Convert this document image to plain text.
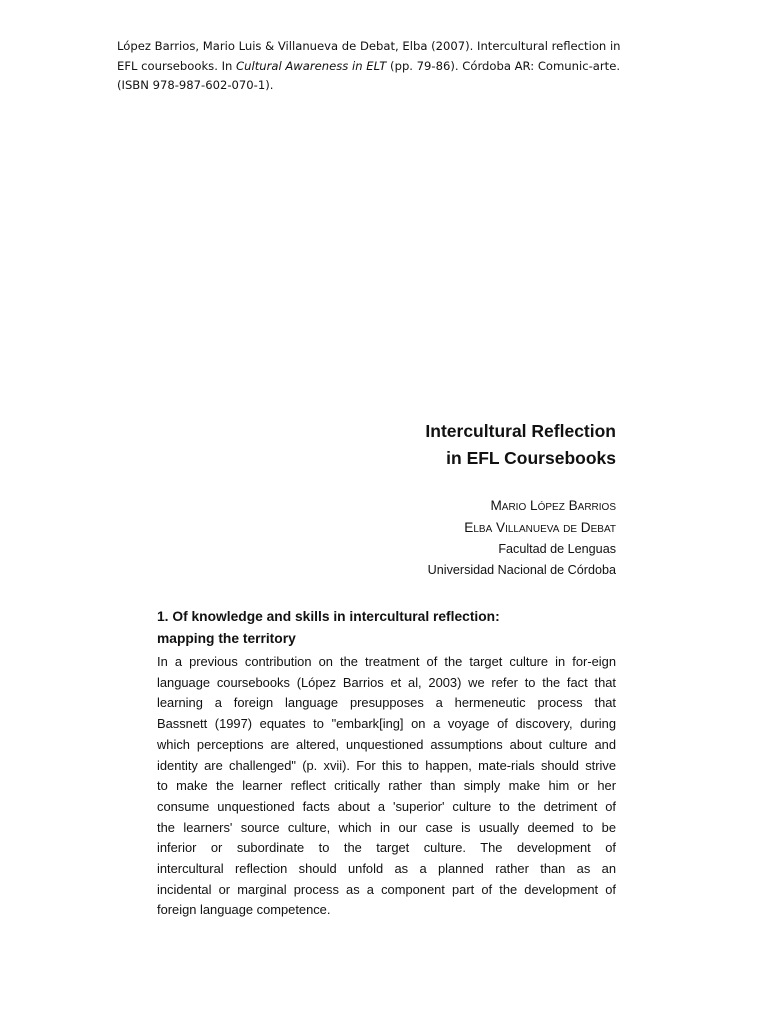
López Barrios, Mario Luis & Villanueva de Debat, Elba (2007). Intercultural reflection in
EFL coursebooks. In Cultural Awareness in ELT (pp. 79-86). Córdoba AR: Comunic-arte.
(ISBN 978-987-602-070-1).
Intercultural Reflection
in EFL Coursebooks
Mario López Barrios
Elba Villanueva de Debat
Facultad de Lenguas
Universidad Nacional de Córdoba
1. Of knowledge and skills in intercultural reflection:
mapping the territory
In a previous contribution on the treatment of the target culture in for-eign
language coursebooks (López Barrios et al, 2003) we refer to the fact that
learning a foreign language presupposes a hermeneutic process that
Bassnett (1997) equates to "embark[ing] on a voyage of discovery, during
which perceptions are altered, unquestioned assumptions about culture and
identity are challenged" (p. xvii). For this to happen, mate-rials should strive
to make the learner reflect critically rather than simply make him or her
consume unquestioned facts about a 'superior' culture to the detriment of
the learners' source culture, which in our case is usually deemed to be
inferior or subordinate to the target culture. The development of
intercultural reflection should unfold as a planned rather than as an
incidental or marginal process as a component part of the development of
foreign language competence.
